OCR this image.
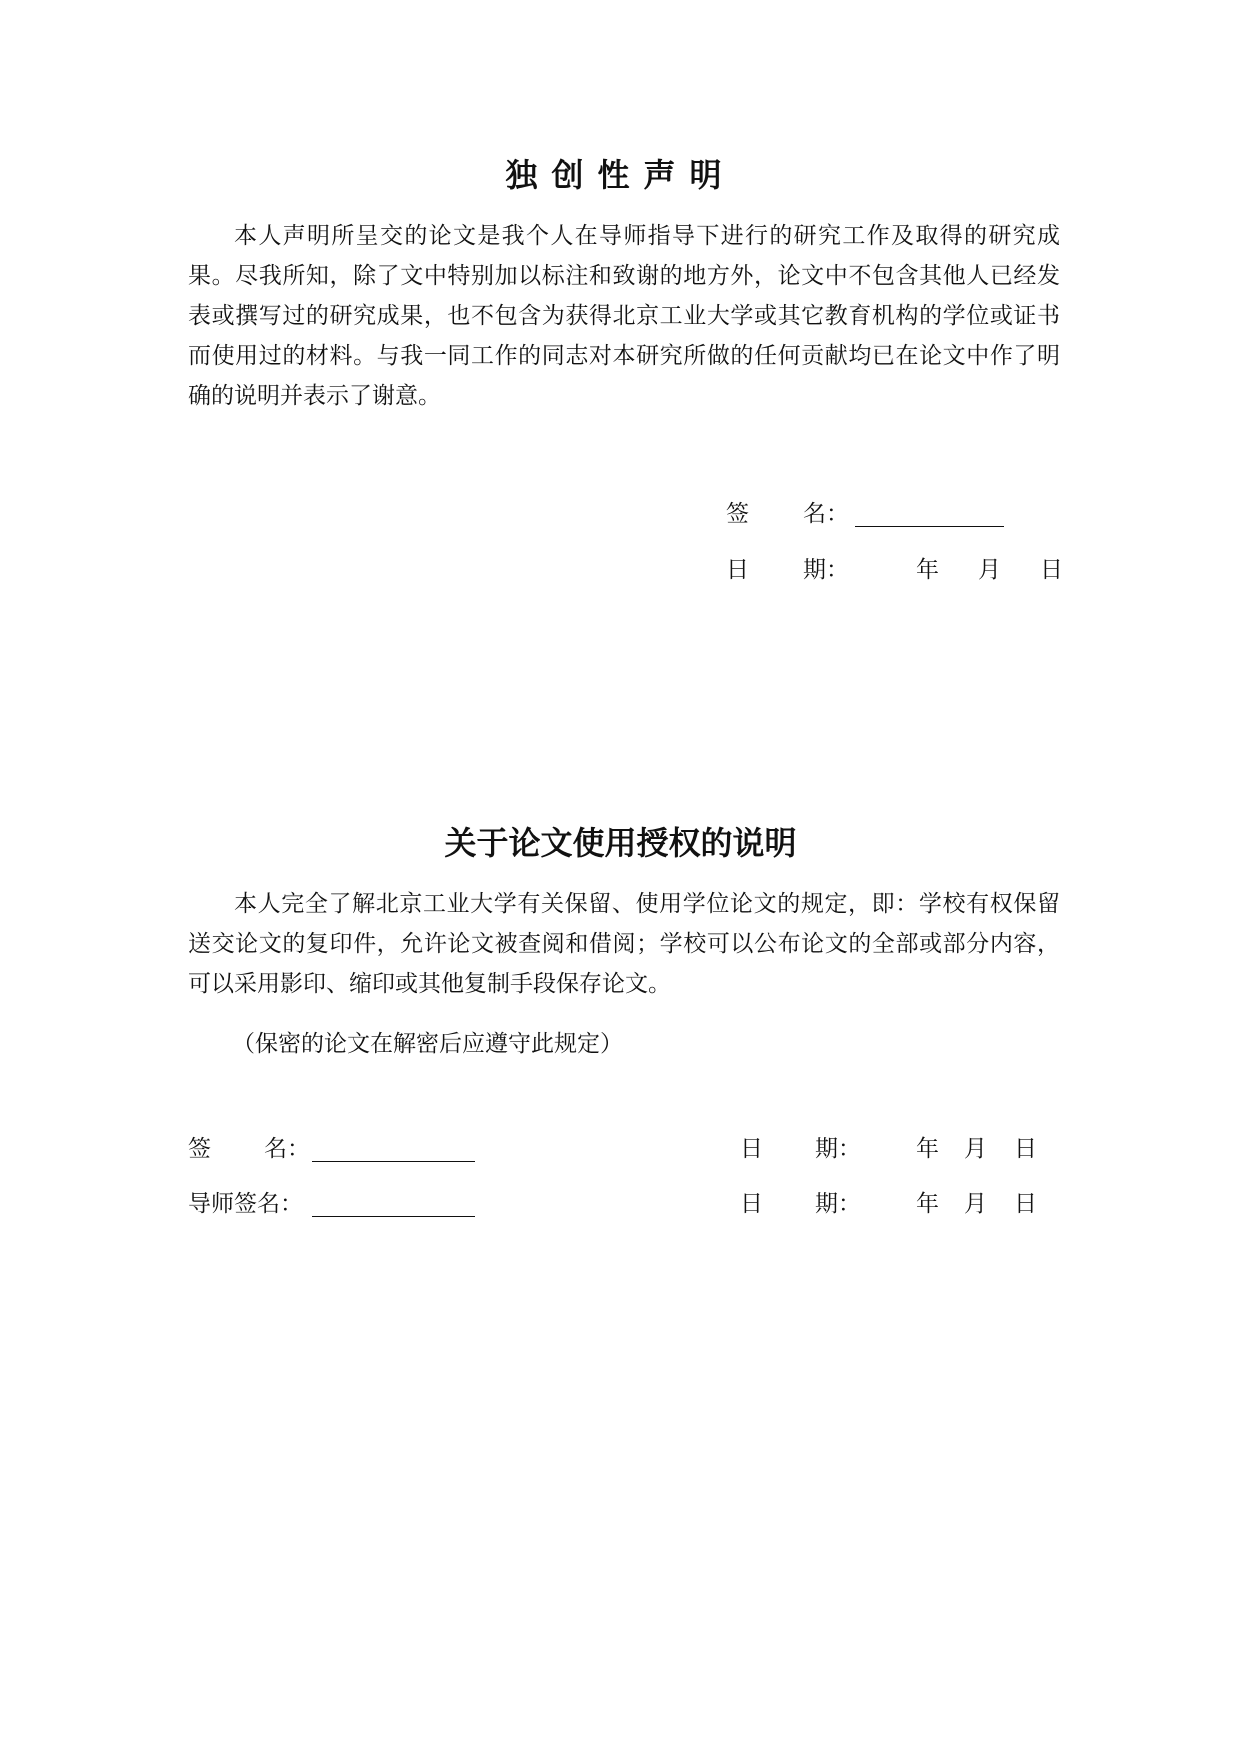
独创性声明

本人声明所呈交的论文是我个人在导师指导下进行的研究工作及取得的研究成果。尽我所知，除了文中特别加以标注和致谢的地方外，论文中不包含其他人已经发表或撰写过的研究成果，也不包含为获得北京工业大学或其它教育机构的学位或证书而使用过的材料。与我一同工作的同志对本研究所做的任何贡献均已在论文中作了明确的说明并表示了谢意。

签 名：
日 期：	年 月 日
关于论文使用授权的说明

本人完全了解北京工业大学有关保留、使用学位论文的规定，即：学校有权保留送交论文的复印件，允许论文被查阅和借阅；学校可以公布论文的全部或部分内容，可以采用影印、缩印或其他复制手段保存论文。

（保密的论文在解密后应遵守此规定）
签 名：	日 期： 年 月 日
导师签名：	日 期： 年 月 日
